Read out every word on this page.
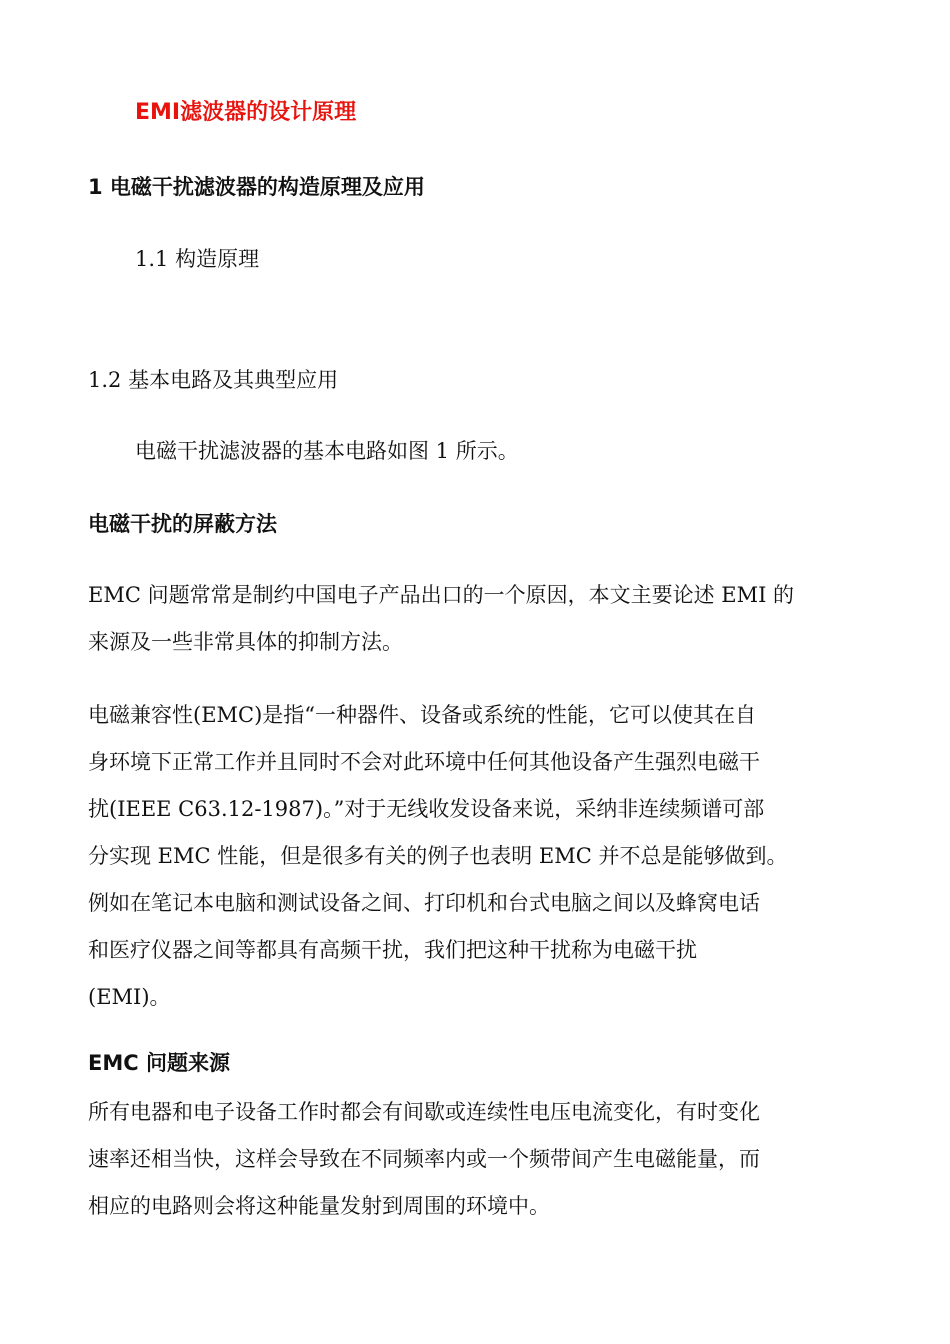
EMI滤波器的设计原理
1 电磁干扰滤波器的构造原理及应用

1.1 构造原理

1.2 基本电路及其典型应用

电磁干扰滤波器的基本电路如图 1 所示。

电磁干扰的屏蔽方法
EMC 问题常常是制约中国电子产品出口的一个原因，本文主要论述 EMI 的
来源及一些非常具体的抑制方法。
电磁兼容性(EMC)是指“一种器件、设备或系统的性能，它可以使其在自
身环境下正常工作并且同时不会对此环境中任何其他设备产生强烈电磁干
扰(IEEE C63.12-1987)。”对于无线收发设备来说，采纳非连续频谱可部
分实现 EMC 性能，但是很多有关的例子也表明 EMC 并不总是能够做到。
例如在笔记本电脑和测试设备之间、打印机和台式电脑之间以及蜂窝电话
和医疗仪器之间等都具有高频干扰，我们把这种干扰称为电磁干扰
(EMI)。
EMC 问题来源
所有电器和电子设备工作时都会有间歇或连续性电压电流变化，有时变化
速率还相当快，这样会导致在不同频率内或一个频带间产生电磁能量，而
相应的电路则会将这种能量发射到周围的环境中。
